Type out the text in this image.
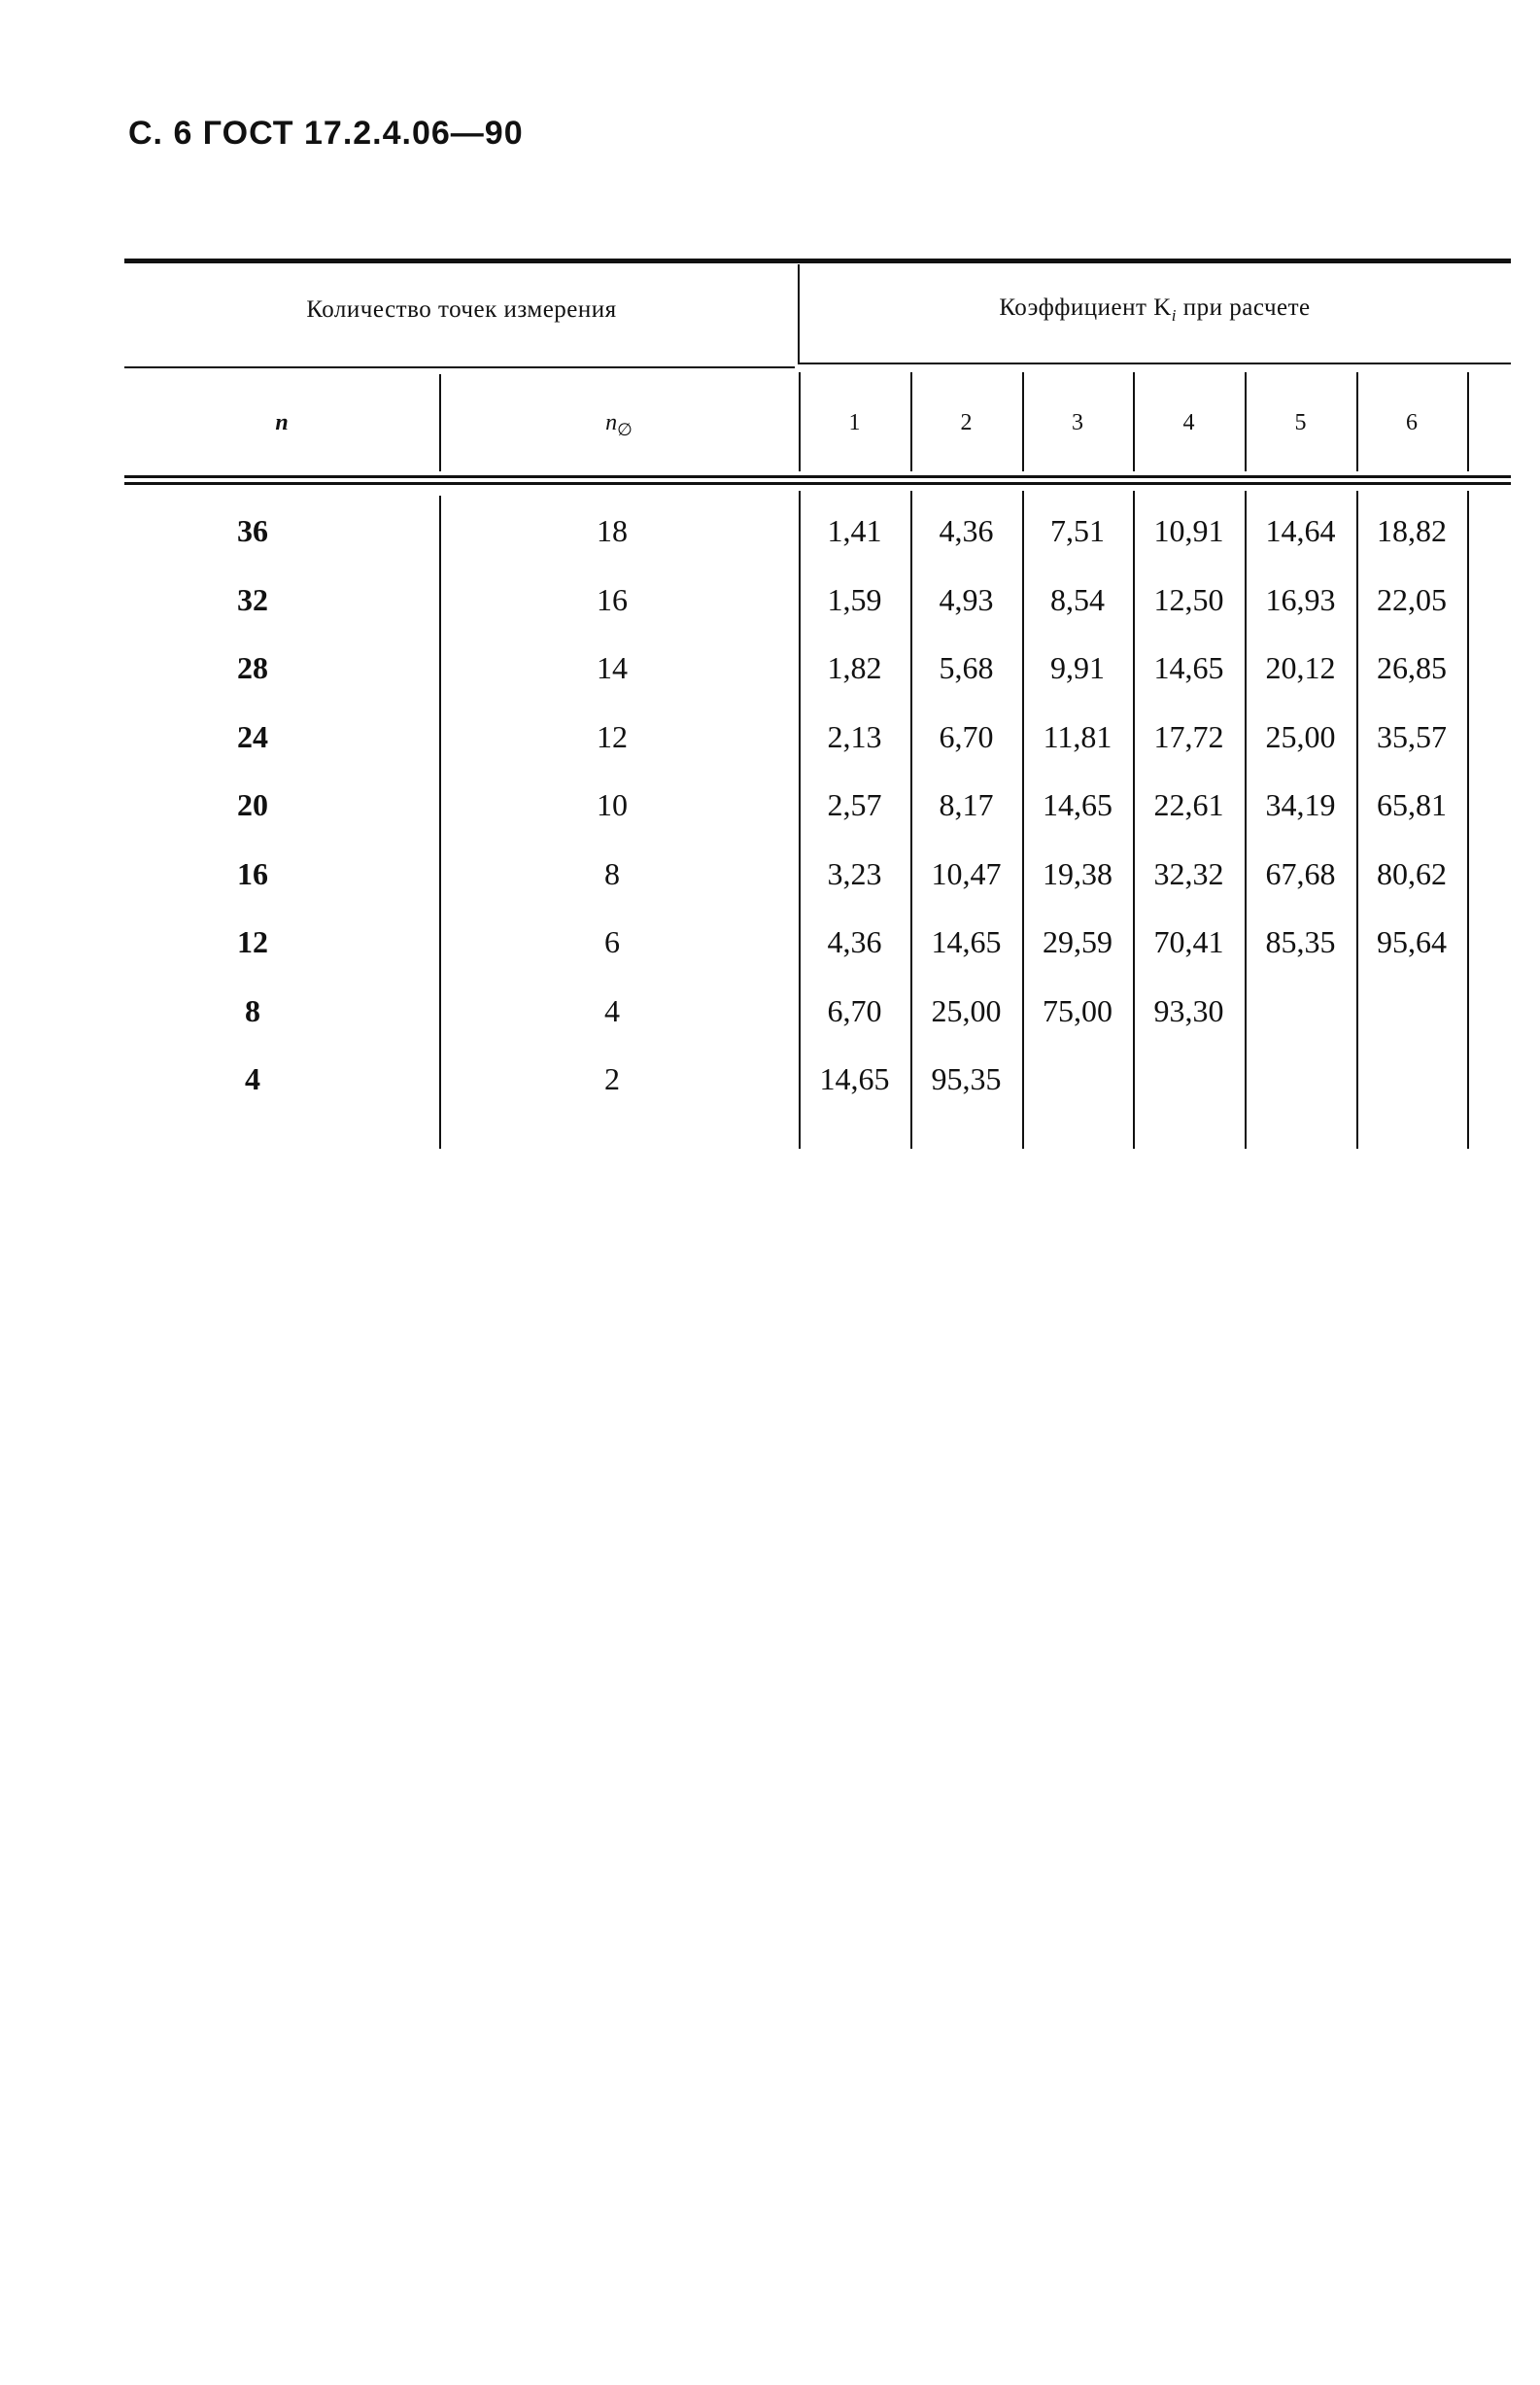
С. 6 ГОСТ 17.2.4.06—90
Количество точек измерения	Коэффициент $K_i$ при расчете
n	$n_\emptyset$	1	2	3	4	5	6
36	18	1,41	4,36	7,51	10,91	14,64	18,82
32	16	1,59	4,93	8,54	12,50	16,93	22,05
28	14	1,82	5,68	9,91	14,65	20,12	26,85
24	12	2,13	6,70	11,81	17,72	25,00	35,57
20	10	2,57	8,17	14,65	22,61	34,19	65,81
16	8	3,23	10,47	19,38	32,32	67,68	80,62
12	6	4,36	14,65	29,59	70,41	85,35	95,64
8	4	6,70	25,00	75,00	93,30
4	2	14,65	95,35
